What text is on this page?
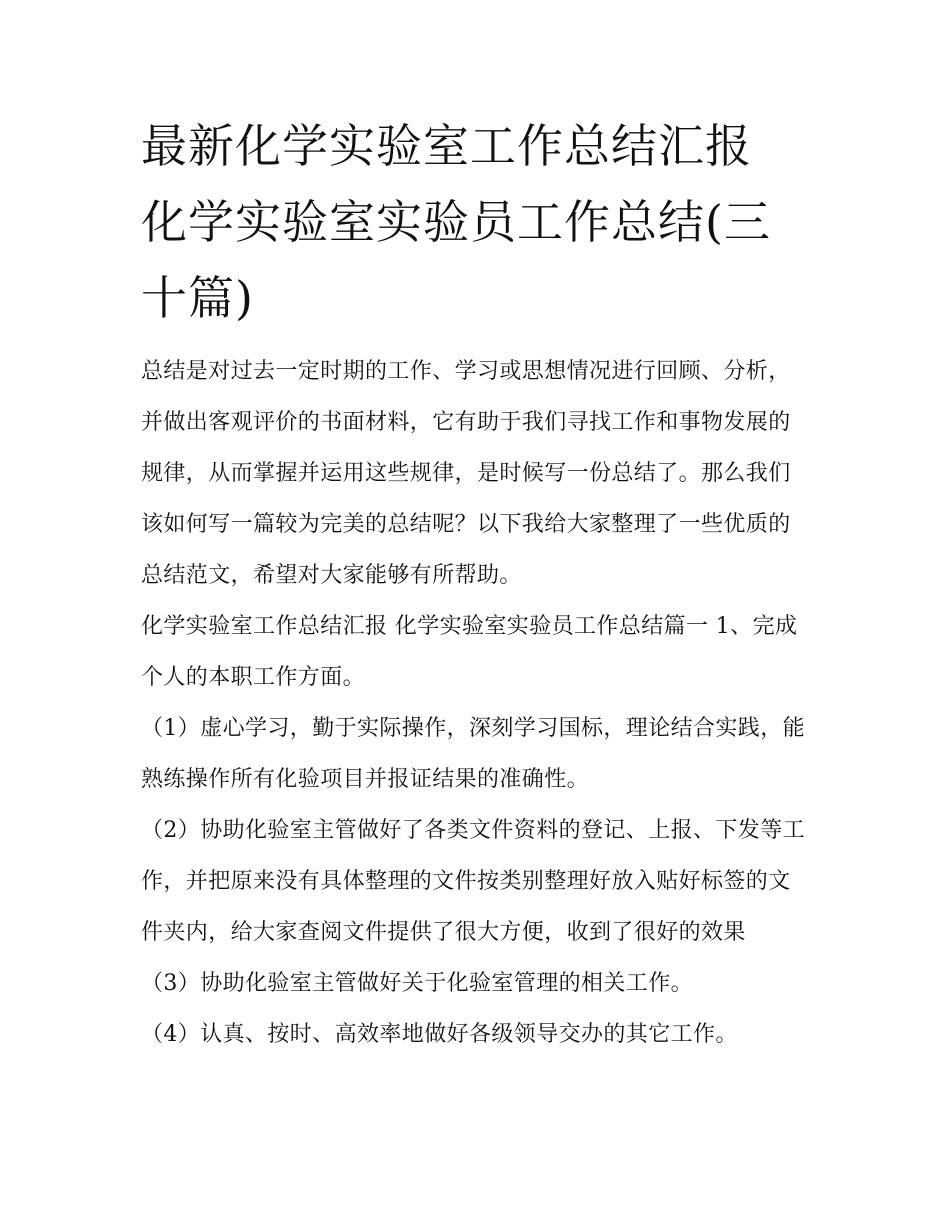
最新化学实验室工作总结汇报 化学实验室实验员工作总结(三十篇)

总结是对过去一定时期的工作、学习或思想情况进行回顾、分析，并做出客观评价的书面材料，它有助于我们寻找工作和事物发展的规律，从而掌握并运用这些规律，是时候写一份总结了。那么我们该如何写一篇较为完美的总结呢？以下我给大家整理了一些优质的总结范文，希望对大家能够有所帮助。

化学实验室工作总结汇报 化学实验室实验员工作总结篇一 1、完成个人的本职工作方面。

（1）虚心学习，勤于实际操作，深刻学习国标，理论结合实践，能熟练操作所有化验项目并报证结果的准确性。

（2）协助化验室主管做好了各类文件资料的登记、上报、下发等工作，并把原来没有具体整理的文件按类别整理好放入贴好标签的文件夹内，给大家查阅文件提供了很大方便，收到了很好的效果

（3）协助化验室主管做好关于化验室管理的相关工作。

（4）认真、按时、高效率地做好各级领导交办的其它工作。
